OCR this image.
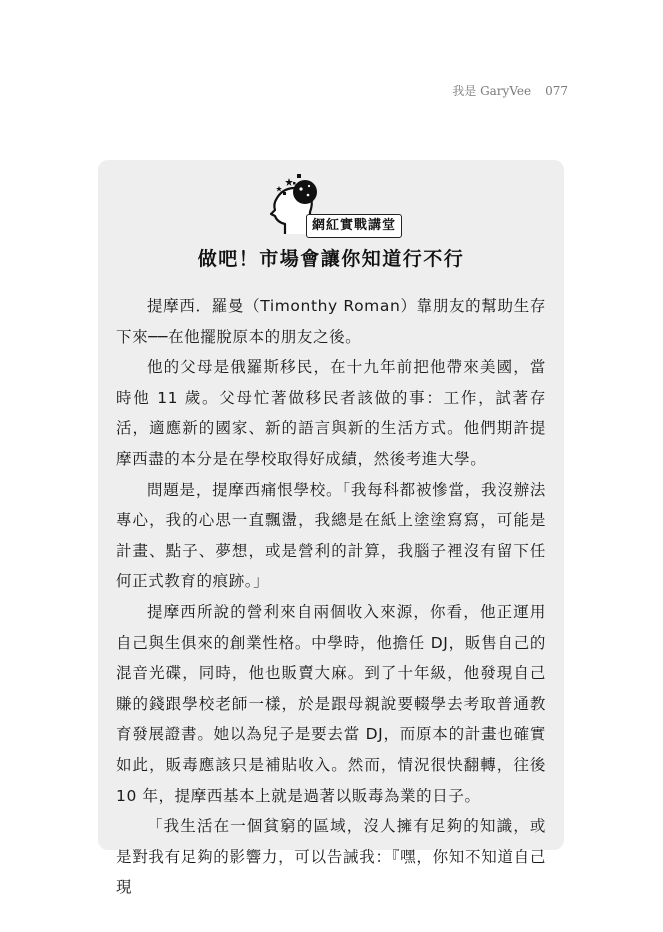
我是 GaryVee 077
網紅實戰講堂
做吧！市場會讓你知道行不行

提摩西．羅曼（Timonthy Roman）靠朋友的幫助生存下來──在他擺脫原本的朋友之後。

他的父母是俄羅斯移民，在十九年前把他帶來美國，當時他 11 歲。父母忙著做移民者該做的事：工作，試著存活，適應新的國家、新的語言與新的生活方式。他們期許提摩西盡的本分是在學校取得好成績，然後考進大學。

問題是，提摩西痛恨學校。「我每科都被慘當，我沒辦法專心，我的心思一直飄盪，我總是在紙上塗塗寫寫，可能是計畫、點子、夢想，或是營利的計算，我腦子裡沒有留下任何正式教育的痕跡。」

提摩西所說的營利來自兩個收入來源，你看，他正運用自己與生俱來的創業性格。中學時，他擔任 DJ，販售自己的混音光碟，同時，他也販賣大麻。到了十年級，他發現自己賺的錢跟學校老師一樣，於是跟母親說要輟學去考取普通教育發展證書。她以為兒子是要去當 DJ，而原本的計畫也確實如此，販毒應該只是補貼收入。然而，情況很快翻轉，往後 10 年，提摩西基本上就是過著以販毒為業的日子。

「我生活在一個貧窮的區域，沒人擁有足夠的知識，或是對我有足夠的影響力，可以告誡我：『嘿，你知不知道自己現
